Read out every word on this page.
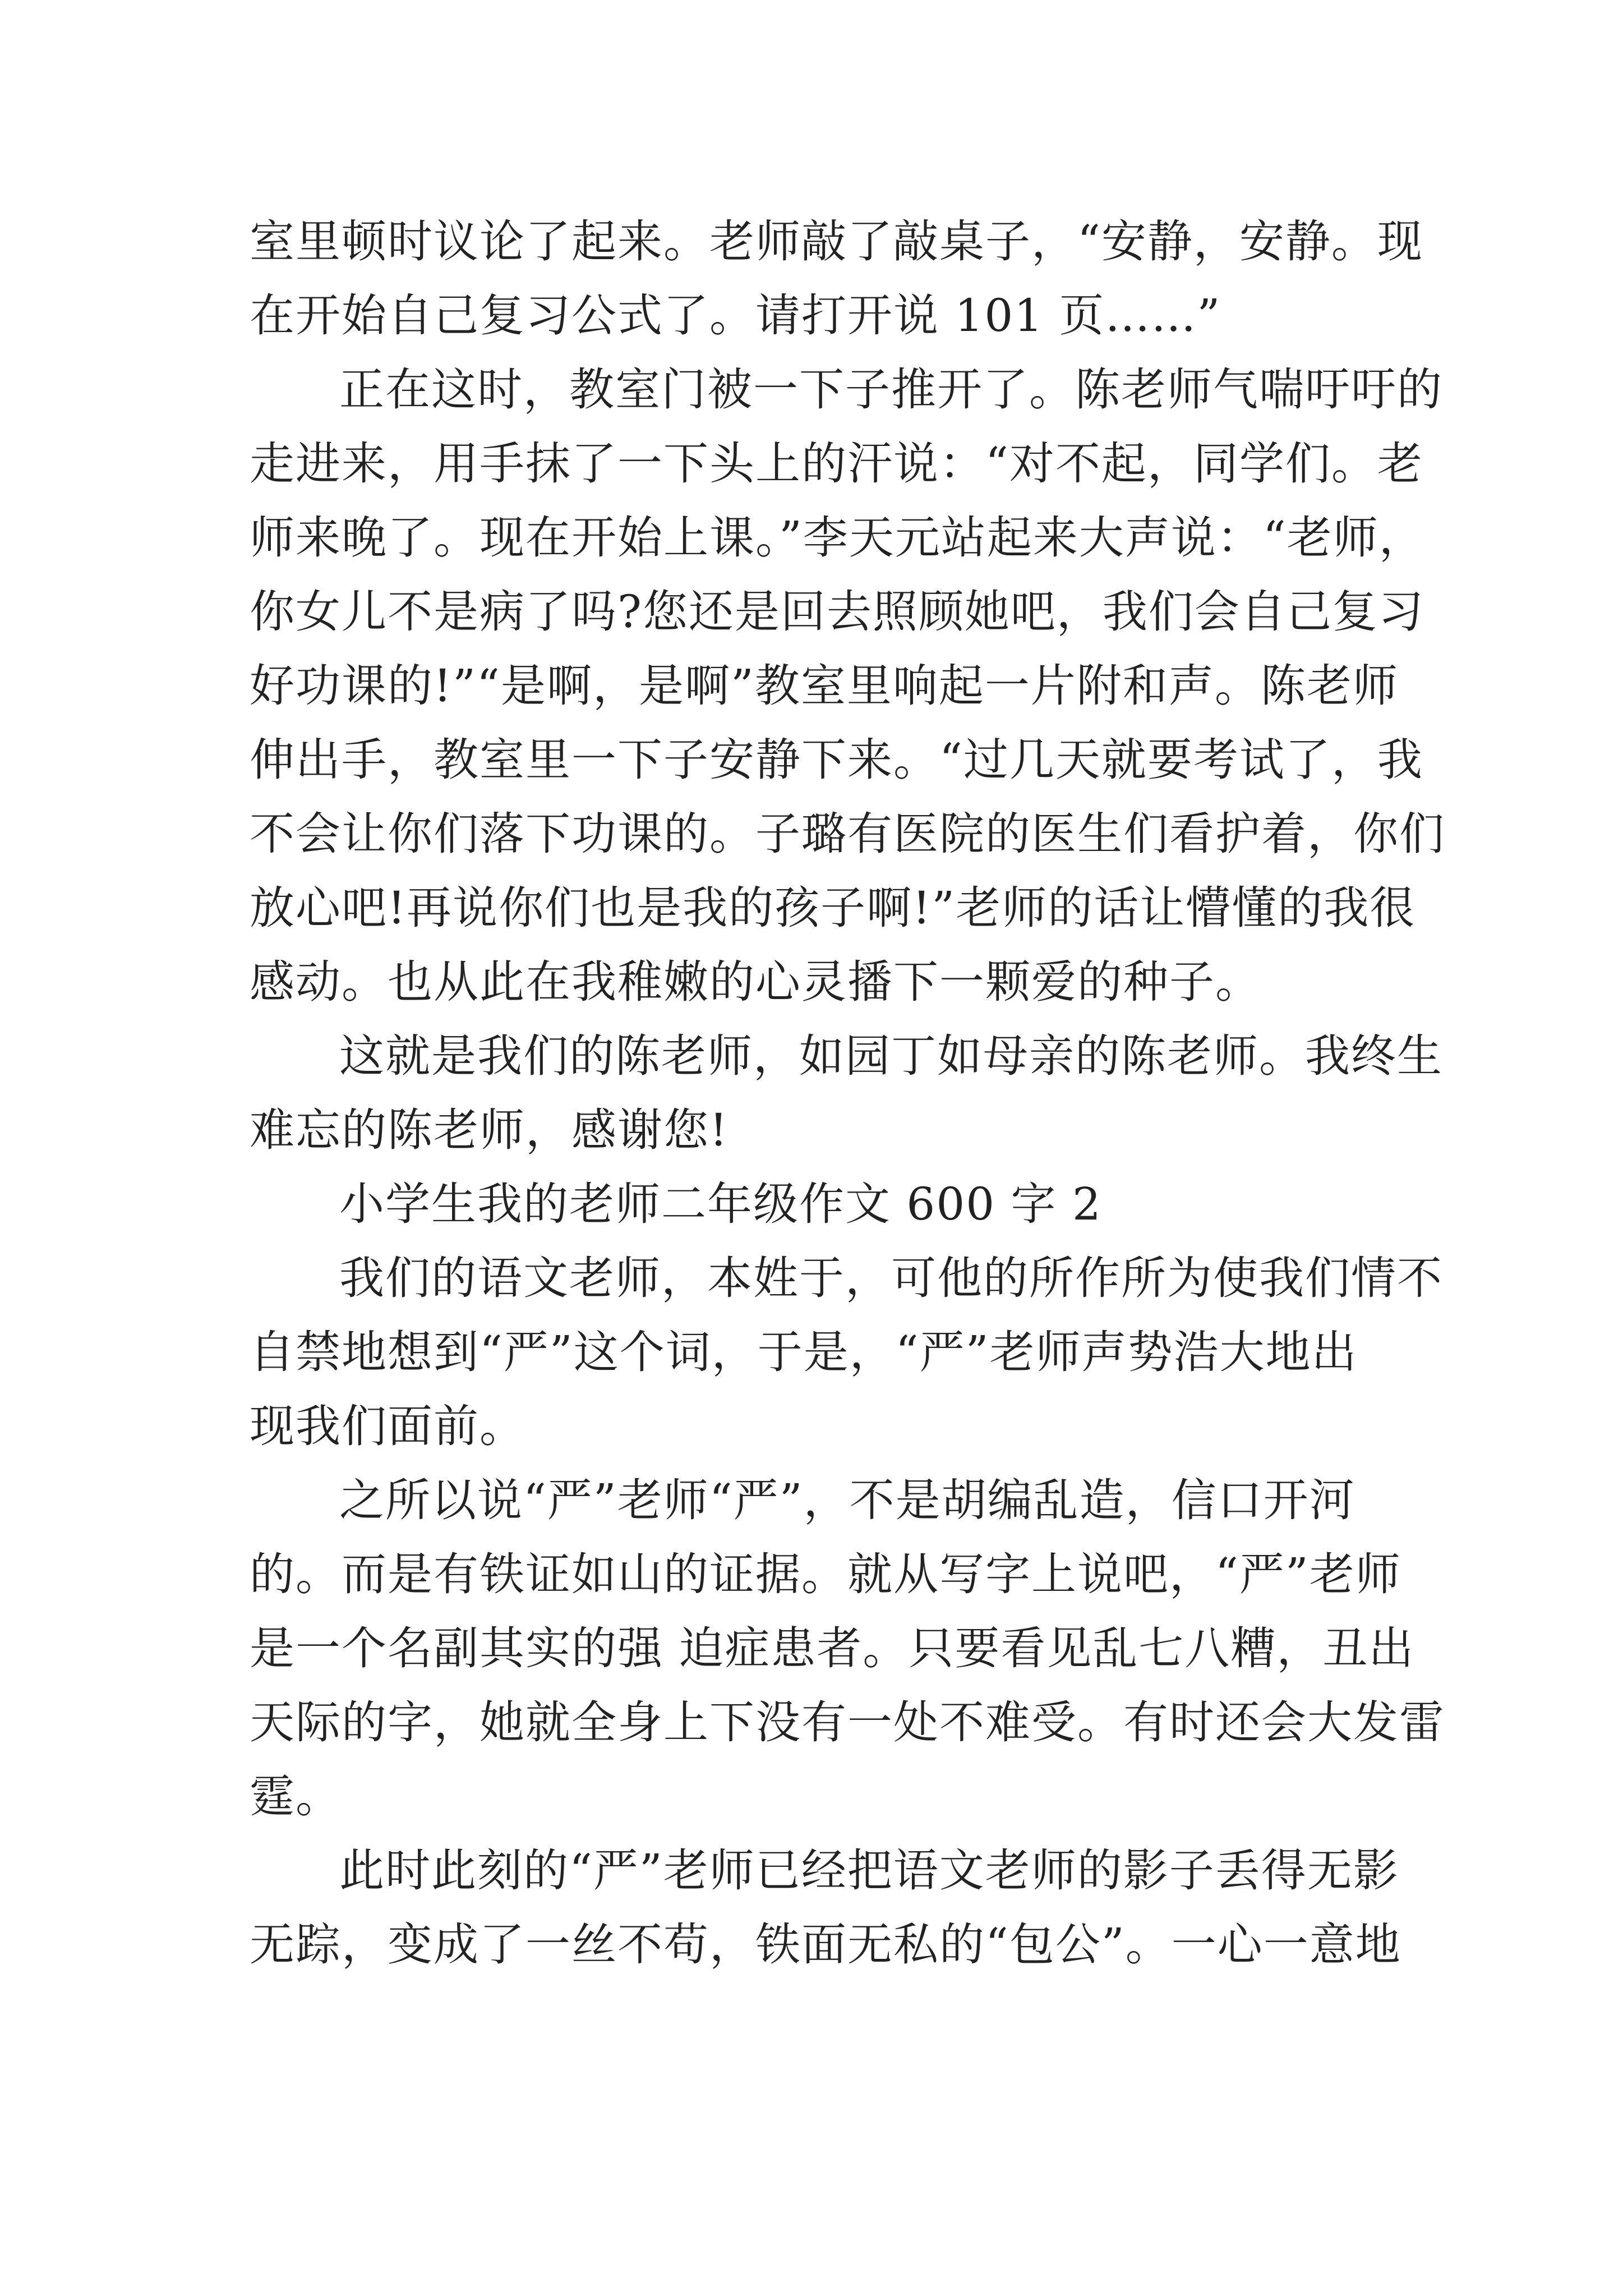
室里顿时议论了起来。老师敲了敲桌子，“安静，安静。现
在开始自己复习公式了。请打开说 101 页……”
正在这时，教室门被一下子推开了。陈老师气喘吁吁的
走进来，用手抹了一下头上的汗说：“对不起，同学们。老
师来晚了。现在开始上课。”李天元站起来大声说：“老师，
你女儿不是病了吗?您还是回去照顾她吧，我们会自己复习
好功课的!”“是啊，是啊”教室里响起一片附和声。陈老师
伸出手，教室里一下子安静下来。“过几天就要考试了，我
不会让你们落下功课的。子璐有医院的医生们看护着，你们
放心吧!再说你们也是我的孩子啊!”老师的话让懵懂的我很
感动。也从此在我稚嫩的心灵播下一颗爱的种子。
这就是我们的陈老师，如园丁如母亲的陈老师。我终生
难忘的陈老师，感谢您!
小学生我的老师二年级作文 600 字 2
我们的语文老师，本姓于，可他的所作所为使我们情不
自禁地想到“严”这个词，于是，“严”老师声势浩大地出
现我们面前。
之所以说“严”老师“严”，不是胡编乱造，信口开河
的。而是有铁证如山的证据。就从写字上说吧，“严”老师
是一个名副其实的强 迫症患者。只要看见乱七八糟，丑出
天际的字，她就全身上下没有一处不难受。有时还会大发雷
霆。
此时此刻的“严”老师已经把语文老师的影子丢得无影
无踪，变成了一丝不苟，铁面无私的“包公”。一心一意地
